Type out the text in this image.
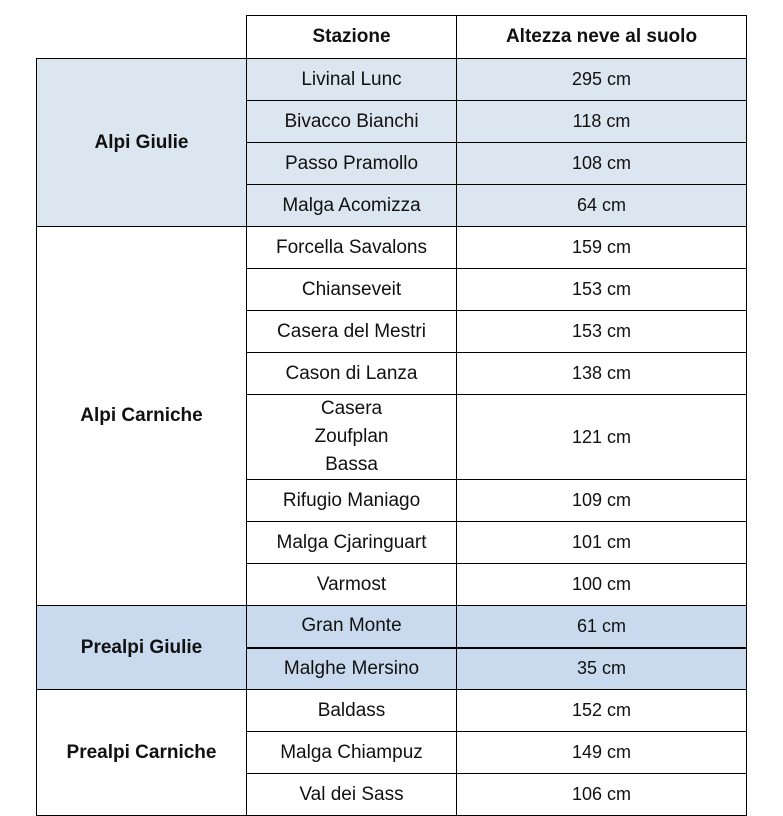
	Stazione	Altezza neve al suolo
Alpi Giulie	Livinal Lunc	295 cm
	Bivacco Bianchi	118 cm
	Passo Pramollo	108 cm
	Malga Acomizza	64 cm
Alpi Carniche	Forcella Savalons	159 cm
	Chianseveit	153 cm
	Casera del Mestri	153 cm
	Cason di Lanza	138 cm
	Casera Zoufplan Bassa	121 cm
	Rifugio Maniago	109 cm
	Malga Cjaringuart	101 cm
	Varmost	100 cm
Prealpi Giulie	Gran Monte	61 cm
	Malghe Mersino	35 cm
Prealpi Carniche	Baldass	152 cm
	Malga Chiampuz	149 cm
	Val dei Sass	106 cm
